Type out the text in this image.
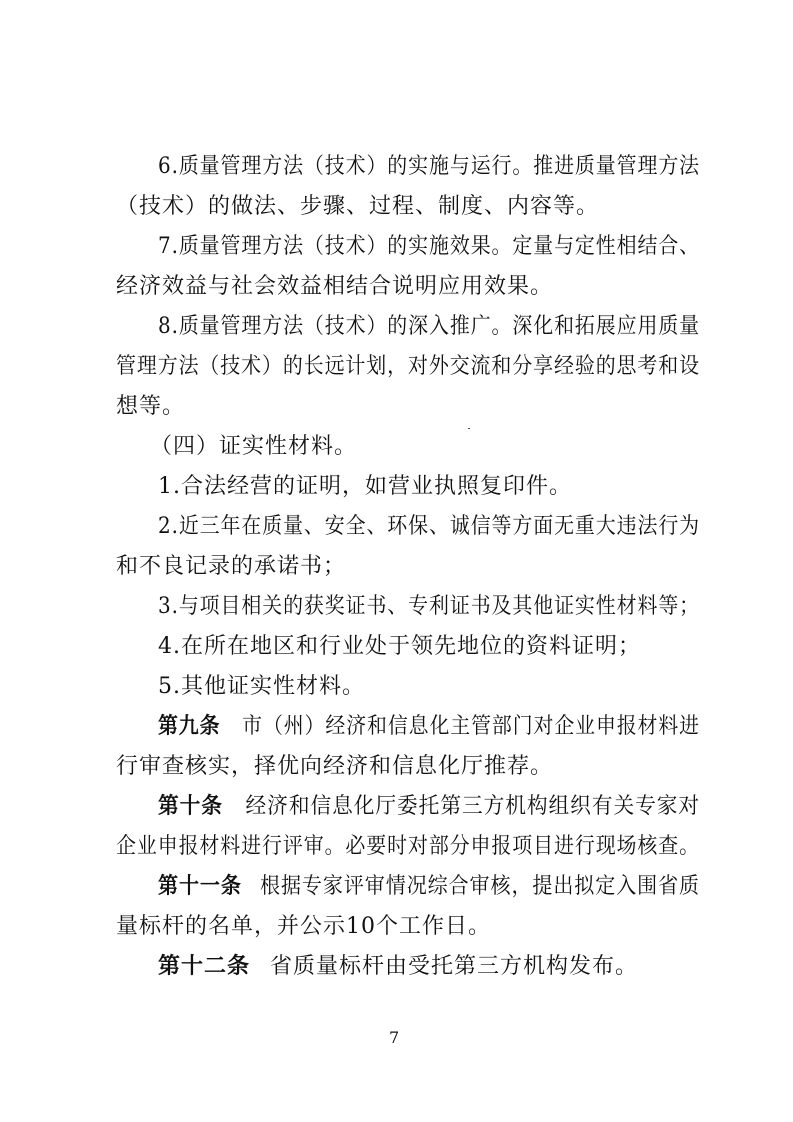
6.质量管理方法（技术）的实施与运行。推进质量管理方法
（技术）的做法、步骤、过程、制度、内容等。
7.质量管理方法（技术）的实施效果。定量与定性相结合、
经济效益与社会效益相结合说明应用效果。
8.质量管理方法（技术）的深入推广。深化和拓展应用质量
管理方法（技术）的长远计划，对外交流和分享经验的思考和设
想等。
（四）证实性材料。
1.合法经营的证明，如营业执照复印件。
2.近三年在质量、安全、环保、诚信等方面无重大违法行为
和不良记录的承诺书；
3.与项目相关的获奖证书、专利证书及其他证实性材料等；
4.在所在地区和行业处于领先地位的资料证明；
5.其他证实性材料。
第九条 市（州）经济和信息化主管部门对企业申报材料进
行审查核实，择优向经济和信息化厅推荐。
第十条 经济和信息化厅委托第三方机构组织有关专家对
企业申报材料进行评审。必要时对部分申报项目进行现场核查。
第十一条 根据专家评审情况综合审核，提出拟定入围省质
量标杆的名单，并公示10个工作日。
第十二条 省质量标杆由受托第三方机构发布。
7
